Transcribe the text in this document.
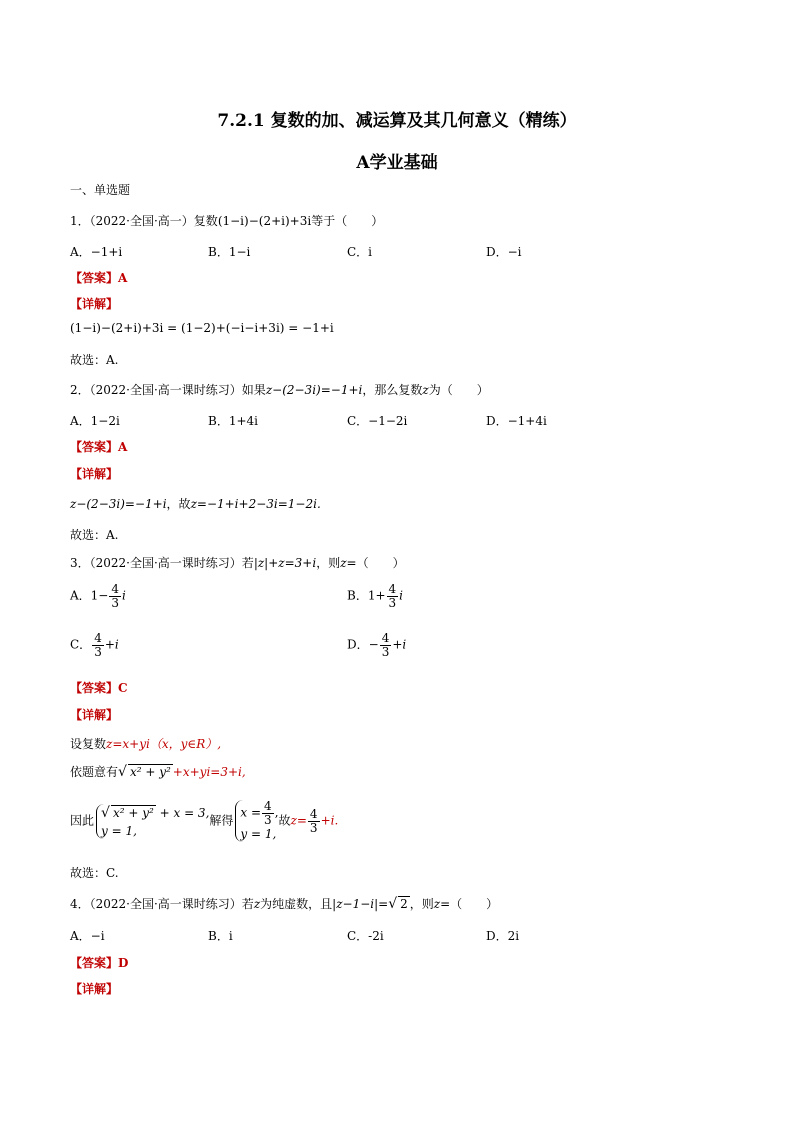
7.2.1 复数的加、减运算及其几何意义（精练）
A学业基础
一、单选题
1．（2022·全国·高一）复数(1−i)−(2+i)+3i等于（　　）
A．−1+i	B．1−i	C．i	D．−i
【答案】A
【详解】
(1−i)−(2+i)+3i = (1−2)+(−i−i+3i) = −1+i
故选：A.
2．（2022·全国·高一课时练习）如果z−(2−3i)=−1+i，那么复数z为（　　）
A．1−2i	B．1+4i	C．−1−2i	D．−1+4i
【答案】A
【详解】
z−(2−3i)=−1+i，故z=−1+i+2−3i=1−2i.
故选：A.
3．（2022·全国·高一课时练习）若|z|+z=3+i，则z=（　　）
A．$1- \frac{4}{3}$ i	B．$1+ \frac{4}{3}$ i
C． $\frac{4}{3} +i$	D．− $\frac{4}{3} +i$
【答案】C
【详解】
设复数z=x+yi（x，y∈R）,
依题意有√ x² + y² +x+yi=3+i,
因此
√ x² + y² + x = 3,
y = 1,
解得
$x = \frac{4}{3}$ ,
y = 1,
故$z= \frac{4}{3} +i$.
故选：C.
4．（2022·全国·高一课时练习）若z为纯虚数，且|z−1−i|=√ 2 ，则z=（　　）
A．−i	B．i	C．-2i	D．2i
【答案】D
【详解】
